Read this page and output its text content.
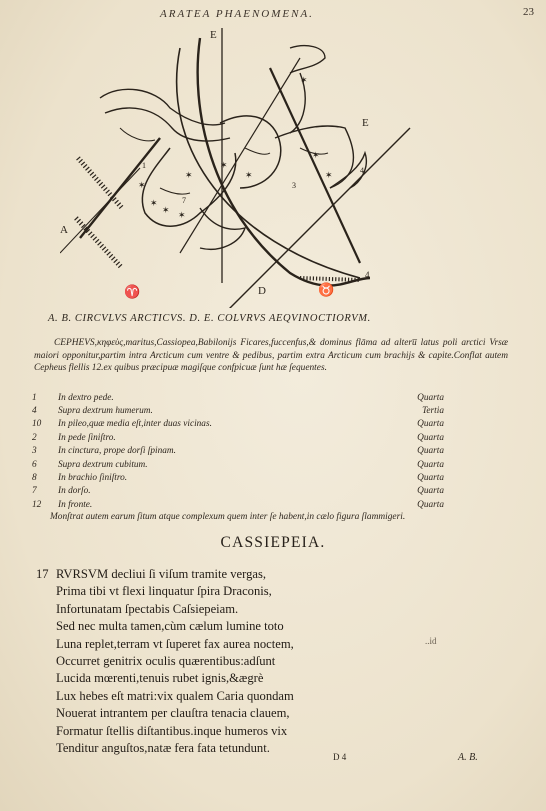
ARATEA PHAENOMENA.	23
E
E
A
♈	D	♉
4
1
7
3
4
✶
✶
✶ ✶
✶
✶
✶
✶
✶
✶
A. B. CIRCVLVS ARCTICVS. D. E. COLVRVS AEQVINOCTIORVM.
CEPHEVS,κηφεὺς,maritus,Cassiopea,Babilonijs Ficares,fuccenfus,& dominus flāma ad alteru̅ latus poli arctici Vrsæ maiori opponitur,partim intra Arcticum cum ventre & pedibus, partim extra Arcticum cum brachijs & capite.Conflat autem Cepheus flellis 12.ex quibus præcipuæ magiſque confpicuæ ſunt hæ ſequentes.
1	In dextro pede.	Quarta
4	Supra dextrum humerum.	Tertia
10	In pileo,quæ media eſt,inter duas vicinas.	Quarta
2	In pede ſiniſtro.	Quarta
3	In cinctura, prope dorſi ſpinam.	Quarta
6	Supra dextrum cubitum.	Quarta
8	In brachio ſiniſtro.	Quarta
7	In dorſo.	Quarta
12	In fronte.	Quarta
Monſtrat autem earum ſitum atque complexum quem inter ſe habent,in cælo figura ſlammigeri.
CASSIEPEIA.
17 RVRSVM decliui ſi viſum tramite vergas,
Prima tibi vt flexi linquatur ſpira Draconis,
Infortunatam ſpectabis Caſsiepeiam.
Sed nec multa tamen,cùm cælum lumine toto
Luna replet,terram vt ſuperet fax aurea noctem,
Occurret genitrix oculis quærentibus:adſunt
Lucida mœrenti,tenuis rubet ignis,&ægrè
Lux hebes eſt matri:vix qualem Caria quondam
Nouerat intrantem per clauſtra tenacia clauem,
Formatur ſtellis diſtantibus.inque humeros vix
Tenditur anguſtos,natæ fera fata tetundunt.
..id
D 4	A. B.
